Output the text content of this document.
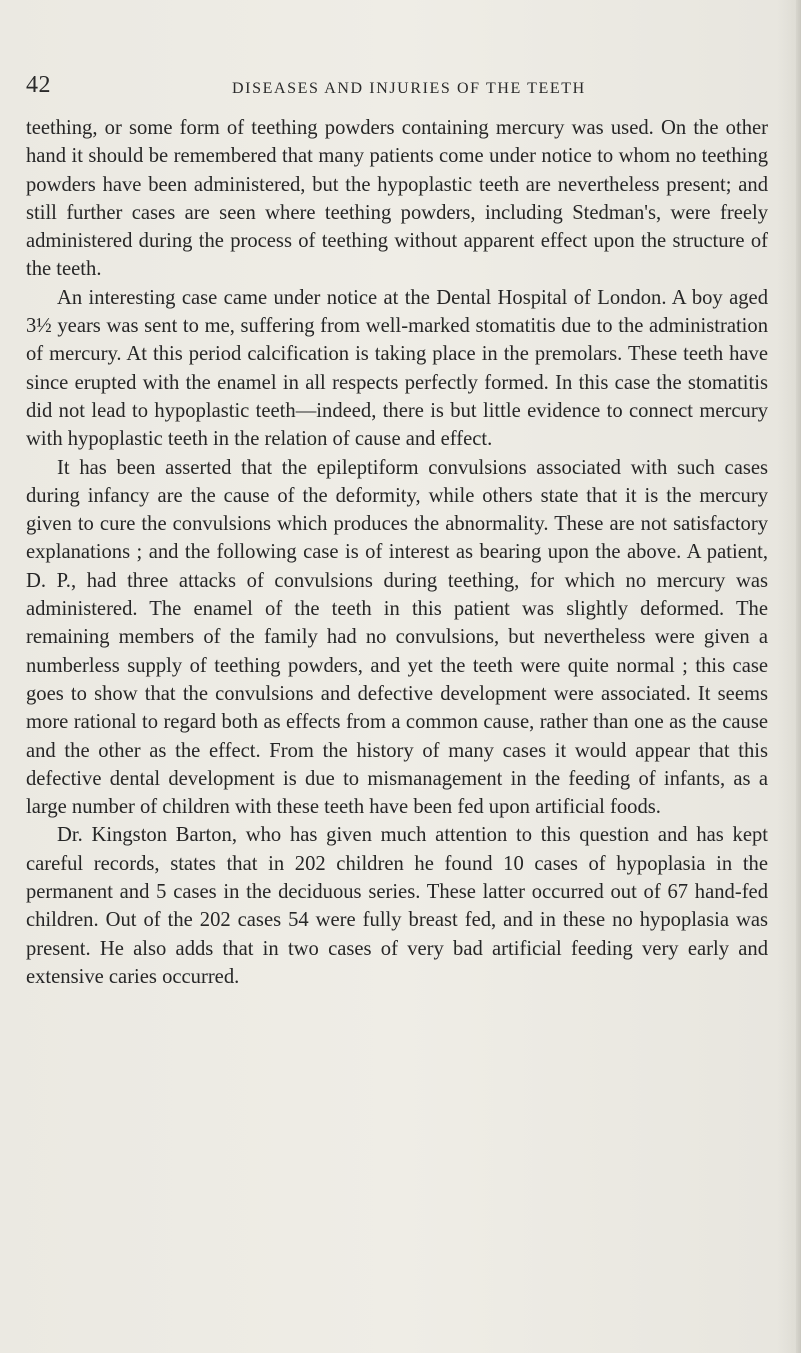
42	DISEASES AND INJURIES OF THE TEETH

teething, or some form of teething powders containing mercury was used. On the other hand it should be remembered that many patients come under notice to whom no teething powders have been administered, but the hypoplastic teeth are nevertheless present; and still further cases are seen where teething powders, including Stedman's, were freely administered during the process of teething without apparent effect upon the structure of the teeth.

An interesting case came under notice at the Dental Hospital of London. A boy aged 3½ years was sent to me, suffering from well-marked stomatitis due to the administration of mercury. At this period calcification is taking place in the premolars. These teeth have since erupted with the enamel in all respects perfectly formed. In this case the stomatitis did not lead to hypoplastic teeth—indeed, there is but little evidence to connect mercury with hypoplastic teeth in the relation of cause and effect.

It has been asserted that the epileptiform convulsions associated with such cases during infancy are the cause of the deformity, while others state that it is the mercury given to cure the convulsions which produces the abnormality. These are not satisfactory explanations ; and the following case is of interest as bearing upon the above. A patient, D. P., had three attacks of convulsions during teething, for which no mercury was administered. The enamel of the teeth in this patient was slightly deformed. The remaining members of the family had no convulsions, but nevertheless were given a numberless supply of teething powders, and yet the teeth were quite normal ; this case goes to show that the convulsions and defective development were associated. It seems more rational to regard both as effects from a common cause, rather than one as the cause and the other as the effect. From the history of many cases it would appear that this defective dental development is due to mismanagement in the feeding of infants, as a large number of children with these teeth have been fed upon artificial foods.

Dr. Kingston Barton, who has given much attention to this question and has kept careful records, states that in 202 children he found 10 cases of hypoplasia in the permanent and 5 cases in the deciduous series. These latter occurred out of 67 hand-fed children. Out of the 202 cases 54 were fully breast fed, and in these no hypoplasia was present. He also adds that in two cases of very bad artificial feeding very early and extensive caries occurred.
